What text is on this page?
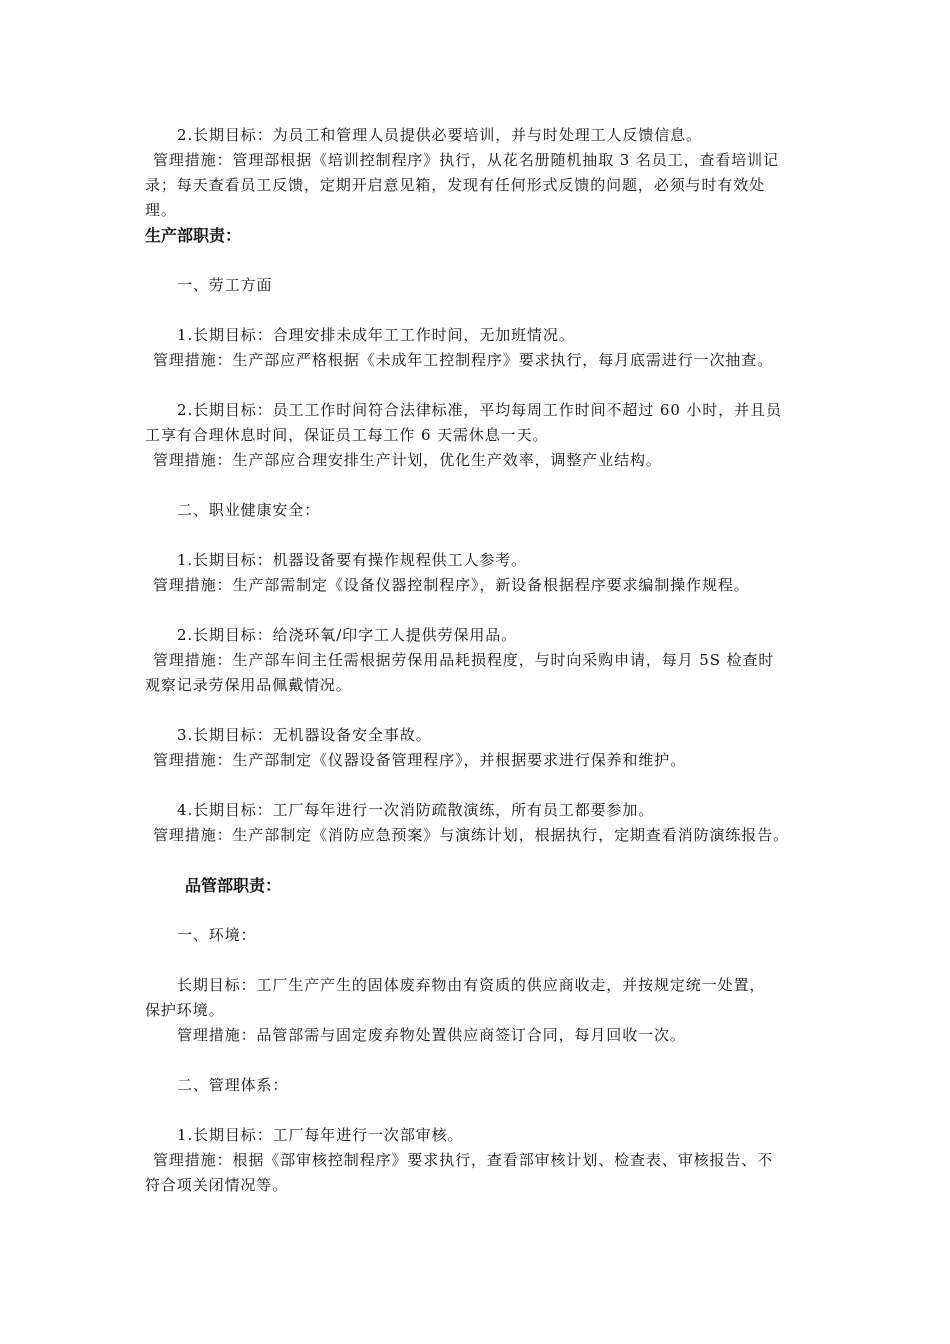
2.长期目标：为员工和管理人员提供必要培训，并与时处理工人反馈信息。
管理措施：管理部根据《培训控制程序》执行，从花名册随机抽取 3 名员工，查看培训记
录；每天查看员工反馈，定期开启意见箱，发现有任何形式反馈的问题，必须与时有效处
理。
生产部职责：
一、劳工方面
1.长期目标：合理安排未成年工工作时间，无加班情况。
管理措施：生产部应严格根据《未成年工控制程序》要求执行，每月底需进行一次抽查。
2.长期目标：员工工作时间符合法律标准，平均每周工作时间不超过 60 小时，并且员
工享有合理休息时间，保证员工每工作 6 天需休息一天。
管理措施：生产部应合理安排生产计划，优化生产效率，调整产业结构。
二、职业健康安全：
1.长期目标：机器设备要有操作规程供工人参考。
管理措施：生产部需制定《设备仪器控制程序》，新设备根据程序要求编制操作规程。
2.长期目标：给浇环氧/印字工人提供劳保用品。
管理措施：生产部车间主任需根据劳保用品耗损程度，与时向采购申请，每月 5S 检查时
观察记录劳保用品佩戴情况。
3.长期目标：无机器设备安全事故。
管理措施：生产部制定《仪器设备管理程序》，并根据要求进行保养和维护。
4.长期目标：工厂每年进行一次消防疏散演练，所有员工都要参加。
管理措施：生产部制定《消防应急预案》与演练计划，根据执行，定期查看消防演练报告。
品管部职责：
一、环境：
长期目标：工厂生产产生的固体废弃物由有资质的供应商收走，并按规定统一处置，
保护环境。
管理措施：品管部需与固定废弃物处置供应商签订合同，每月回收一次。
二、管理体系：
1.长期目标：工厂每年进行一次部审核。
管理措施：根据《部审核控制程序》要求执行，查看部审核计划、检查表、审核报告、不
符合项关闭情况等。
